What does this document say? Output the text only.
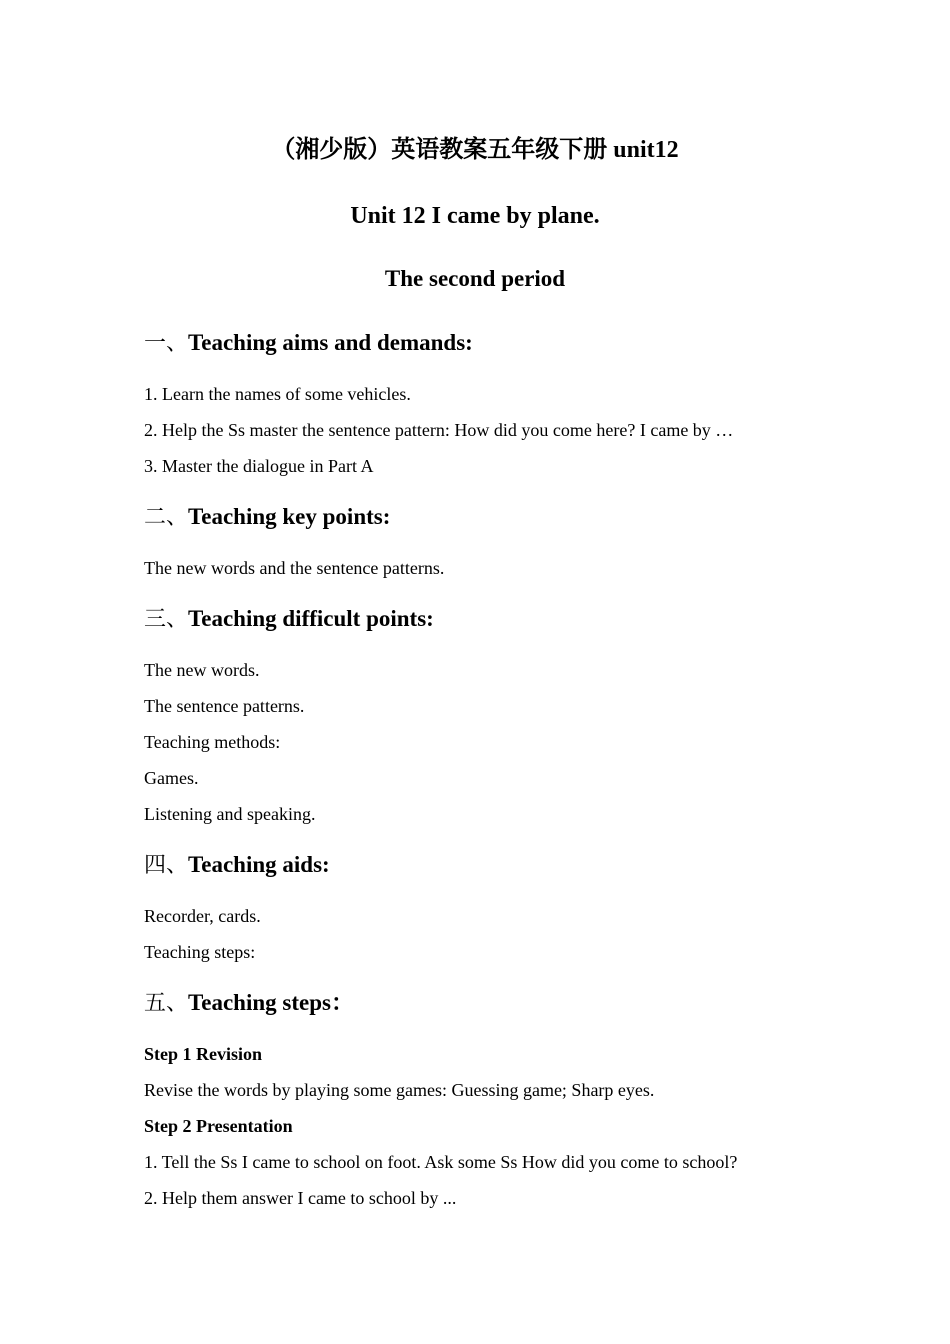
（湘少版）英语教案五年级下册 unit12
Unit 12 I came by plane.
The second period
一、Teaching aims and demands:
1. Learn the names of some vehicles.
2. Help the Ss master the sentence pattern: How did you come here? I came by …
3. Master the dialogue in Part A
二、Teaching key points:
The new words and the sentence patterns.
三、Teaching difficult points:
The new words.
The sentence patterns.
Teaching methods:
Games.
Listening and speaking.
四、Teaching aids:
Recorder, cards.
Teaching steps:
五、Teaching steps：
Step 1 Revision
Revise the words by playing some games: Guessing game; Sharp eyes.
Step 2 Presentation
1. Tell the Ss I came to school on foot. Ask some Ss How did you come to school?
2. Help them answer I came to school by ...
